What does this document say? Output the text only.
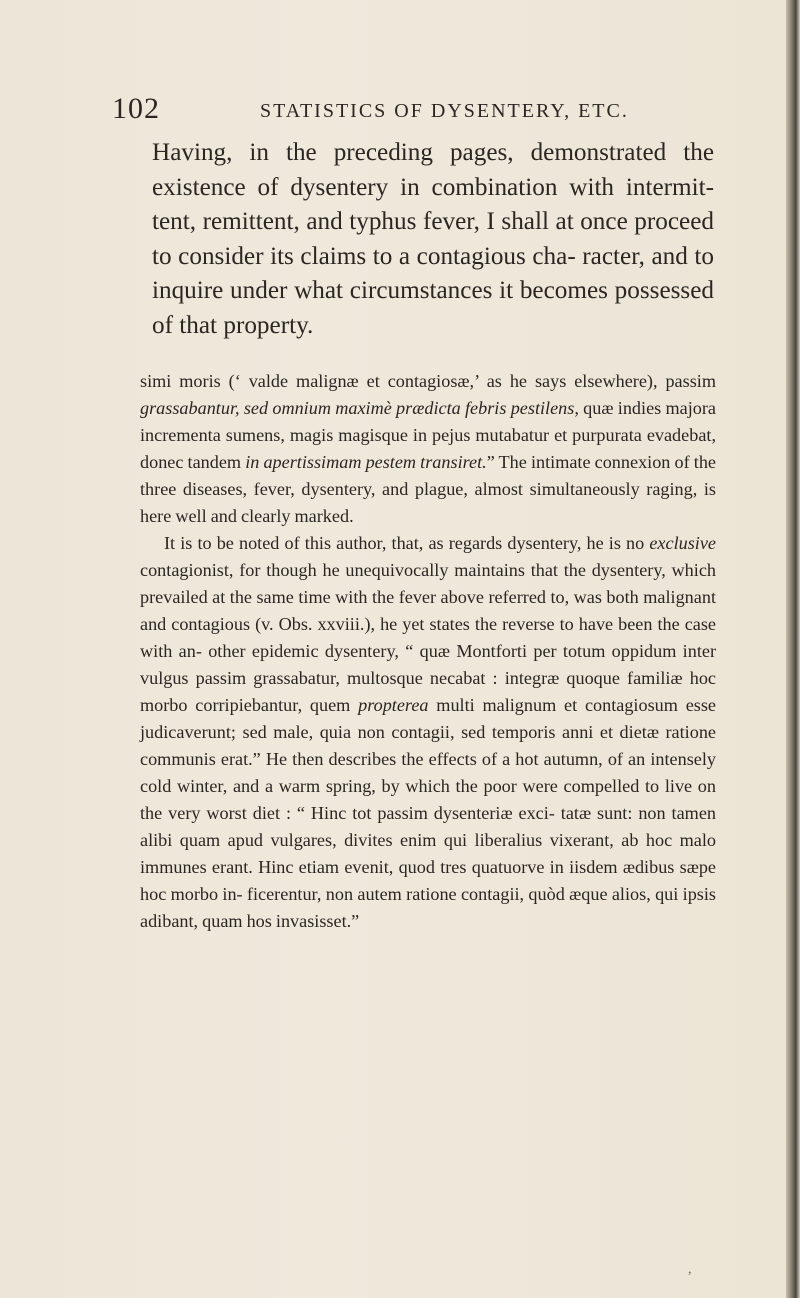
102	STATISTICS OF DYSENTERY, ETC.

Having, in the preceding pages, demonstrated the existence of dysentery in combination with intermit- tent, remittent, and typhus fever, I shall at once proceed to consider its claims to a contagious cha- racter, and to inquire under what circumstances it becomes possessed of that property.

simi moris (‘ valde malignæ et contagiosæ,’ as he says elsewhere), passim grassabantur, sed omnium maximè prædicta febris pestilens, quæ indies majora incrementa sumens, magis magisque in pejus mutabatur et purpurata evadebat, donec tandem in apertissimam pestem transiret.” The intimate connexion of the three diseases, fever, dysentery, and plague, almost simultaneously raging, is here well and clearly marked.
It is to be noted of this author, that, as regards dysentery, he is no exclusive contagionist, for though he unequivocally maintains that the dysentery, which prevailed at the same time with the fever above referred to, was both malignant and contagious (v. Obs. xxviii.), he yet states the reverse to have been the case with an- other epidemic dysentery, “ quæ Montforti per totum oppidum inter vulgus passim grassabatur, multosque necabat : integræ quoque familiæ hoc morbo corripiebantur, quem propterea multi malignum et contagiosum esse judicaverunt; sed male, quia non contagii, sed temporis anni et dietæ ratione communis erat.” He then describes the effects of a hot autumn, of an intensely cold winter, and a warm spring, by which the poor were compelled to live on the very worst diet : “ Hinc tot passim dysenteriæ exci- tatæ sunt: non tamen alibi quam apud vulgares, divites enim qui liberalius vixerant, ab hoc malo immunes erant. Hinc etiam evenit, quod tres quatuorve in iisdem ædibus sæpe hoc morbo in- ficerentur, non autem ratione contagii, quòd æque alios, qui ipsis adibant, quam hos invasisset.”
,
